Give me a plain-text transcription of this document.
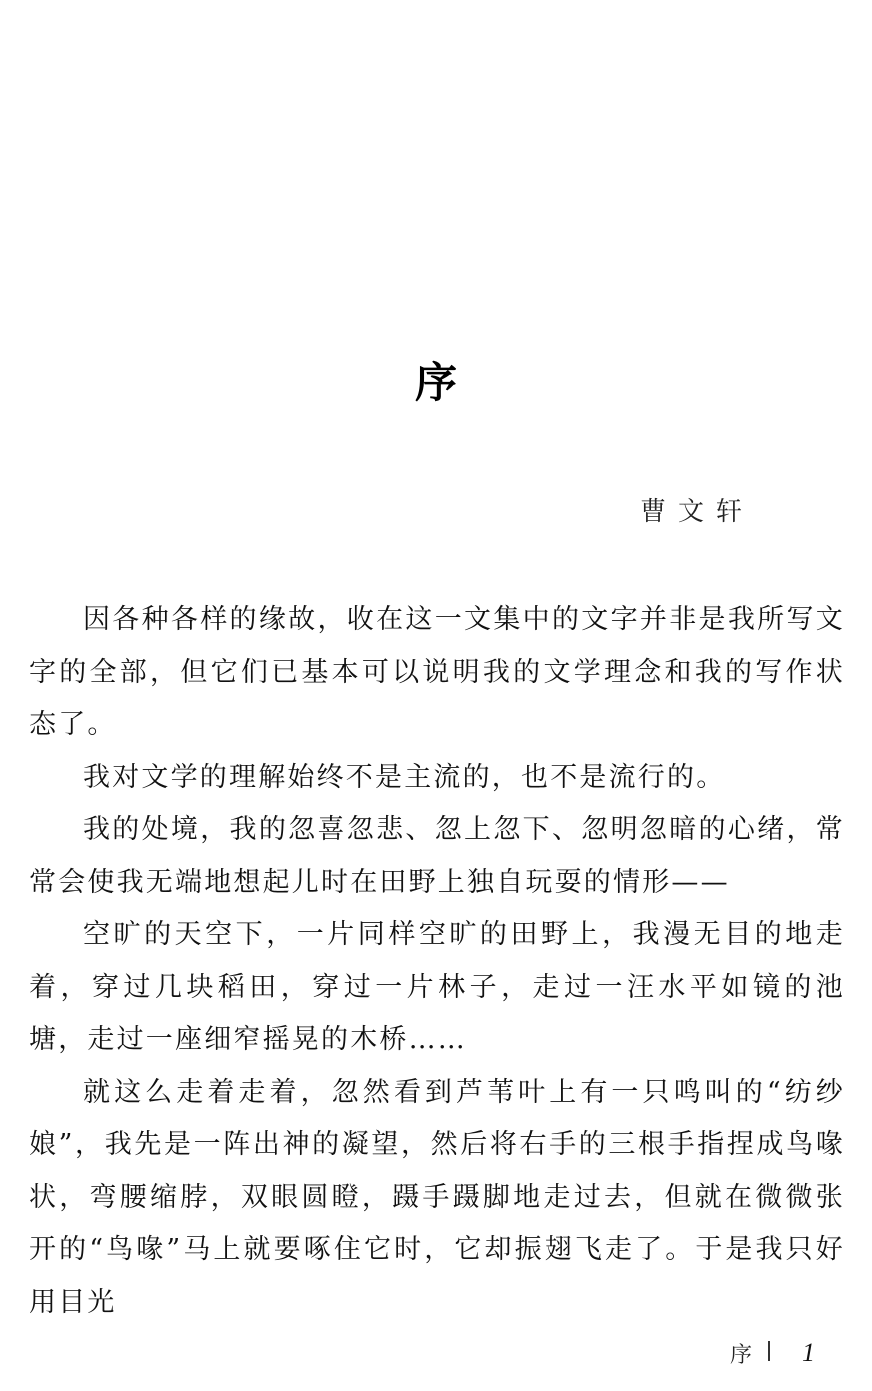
序
曹文轩

因各种各样的缘故，收在这一文集中的文字并非是我所写文字的全部，但它们已基本可以说明我的文学理念和我的写作状态了。

我对文学的理解始终不是主流的，也不是流行的。

我的处境，我的忽喜忽悲、忽上忽下、忽明忽暗的心绪，常常会使我无端地想起儿时在田野上独自玩耍的情形——

空旷的天空下，一片同样空旷的田野上，我漫无目的地走着，穿过几块稻田，穿过一片林子，走过一汪水平如镜的池塘，走过一座细窄摇晃的木桥……

就这么走着走着，忽然看到芦苇叶上有一只鸣叫的“纺纱娘”，我先是一阵出神的凝望，然后将右手的三根手指捏成鸟喙状，弯腰缩脖，双眼圆瞪，蹑手蹑脚地走过去，但就在微微张开的“鸟喙”马上就要啄住它时，它却振翅飞走了。于是我只好用目光

序 1
